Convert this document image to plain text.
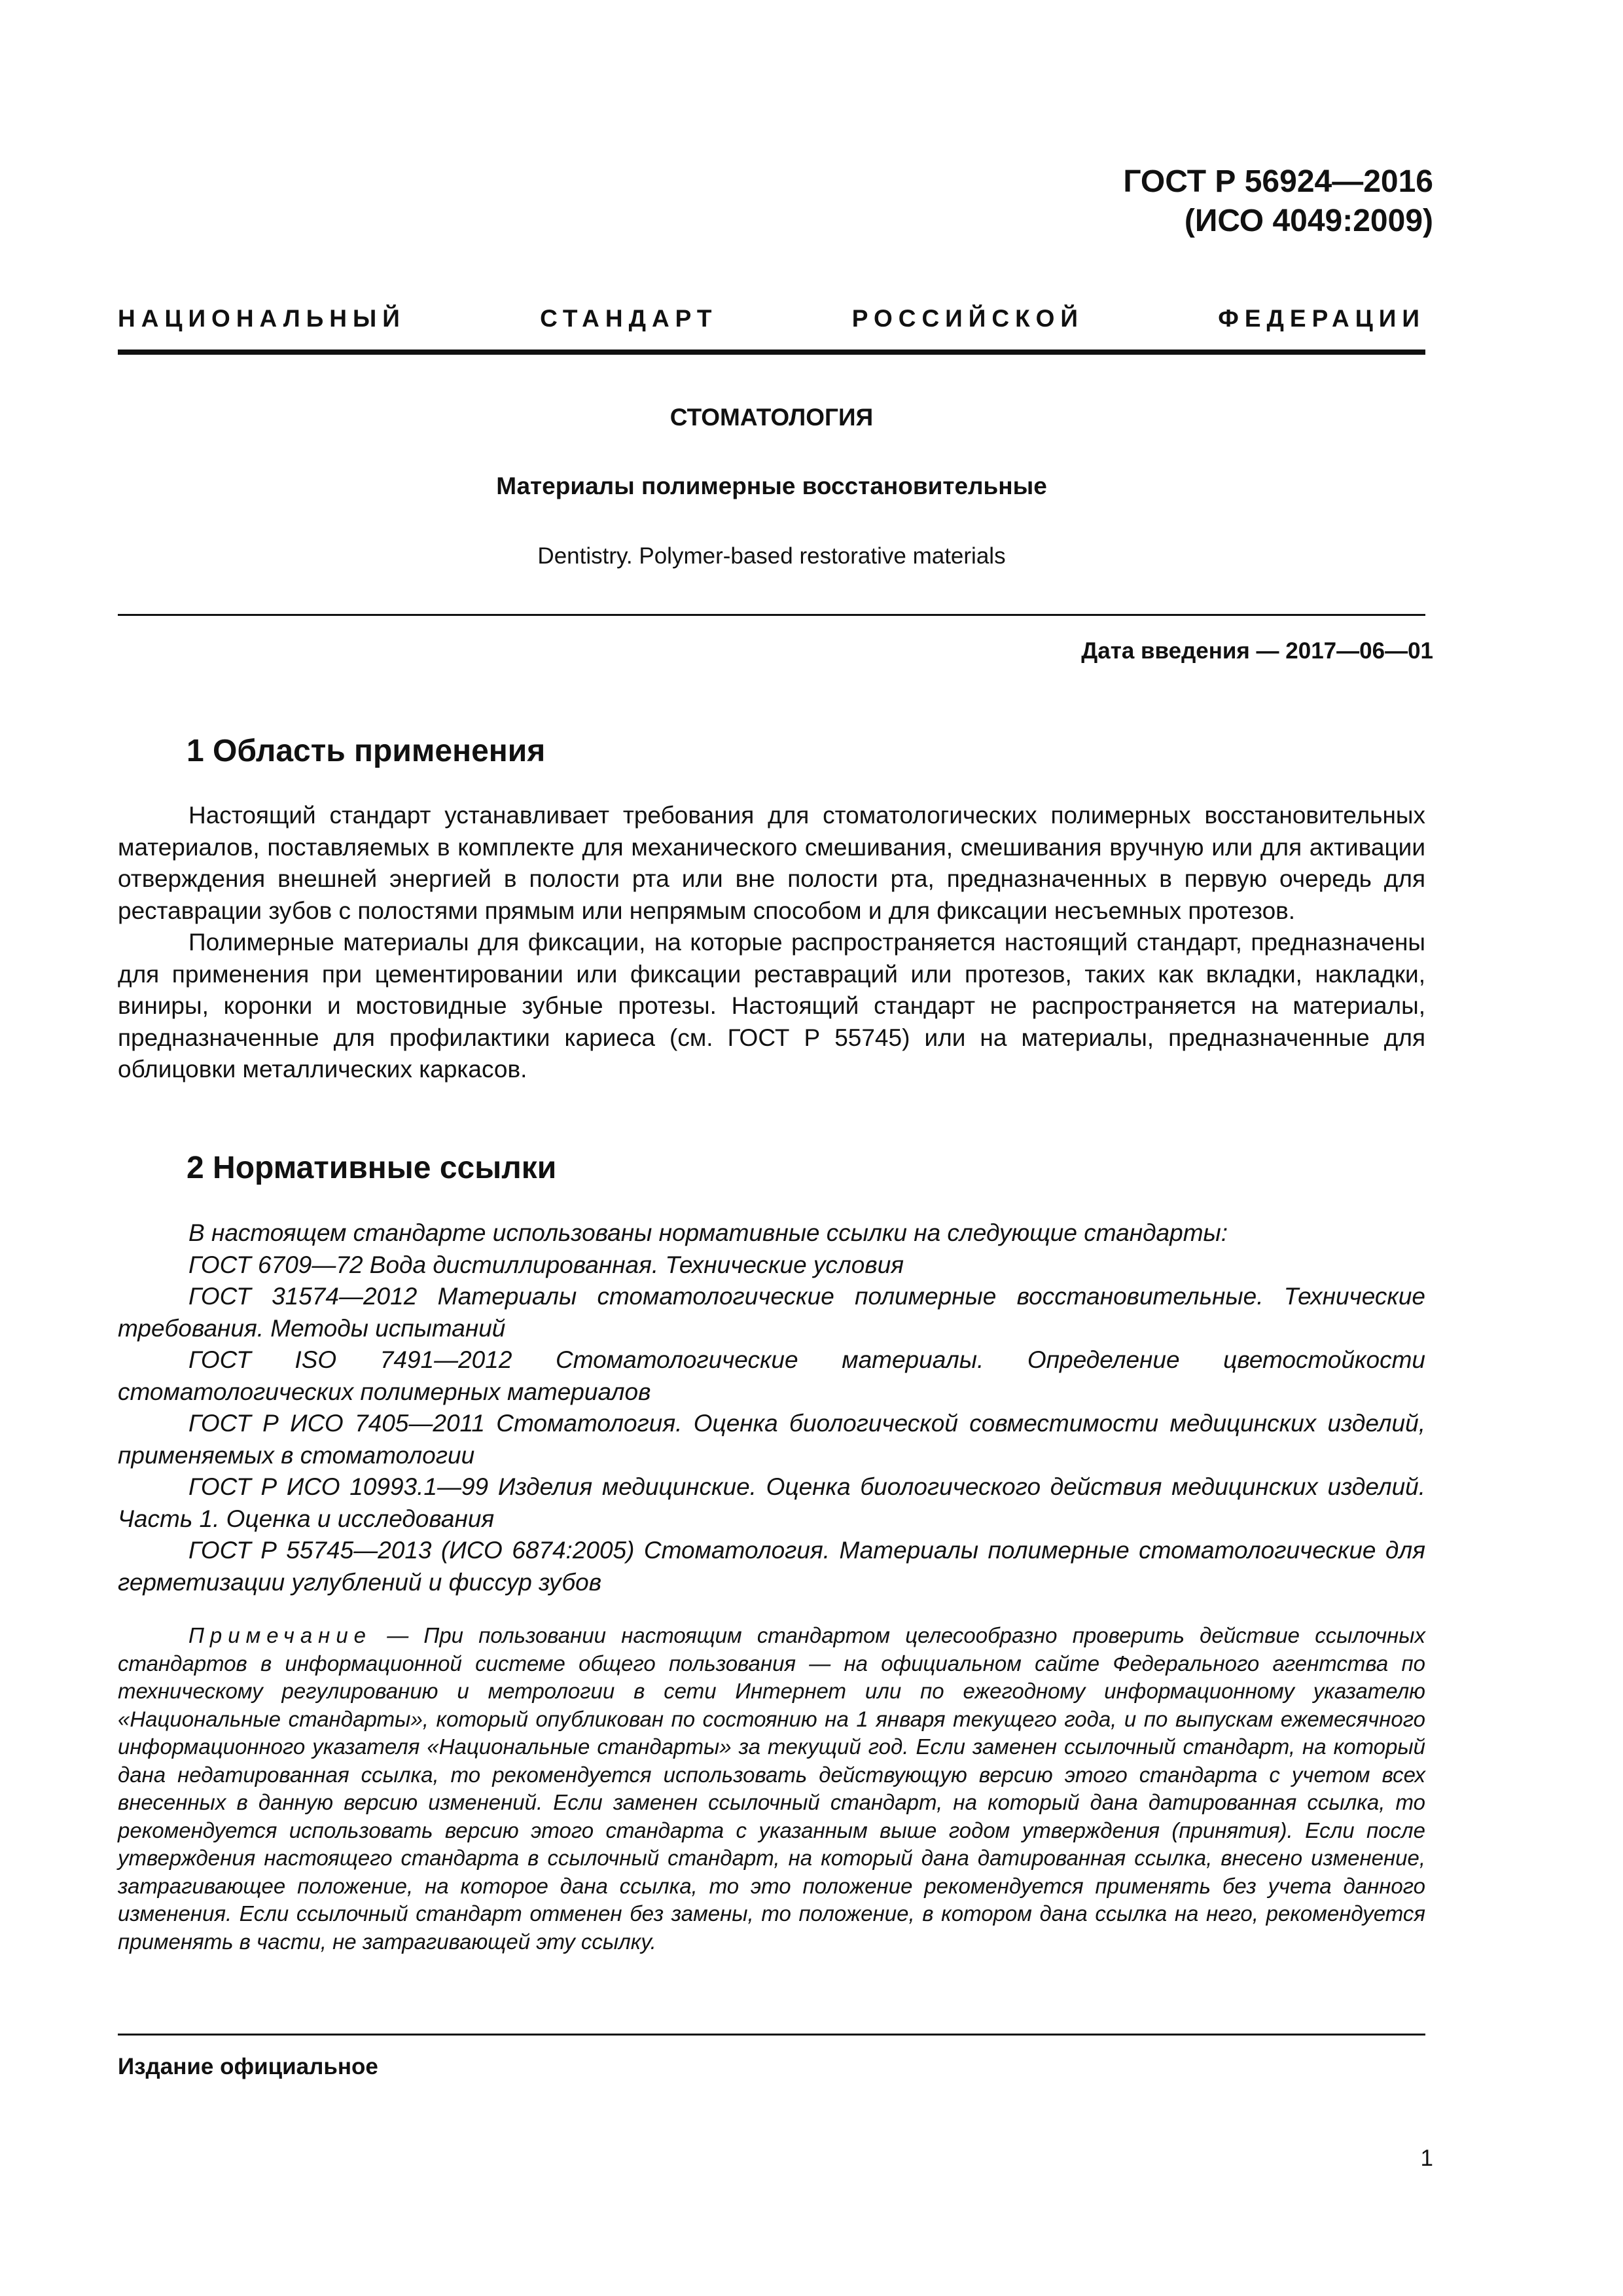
ГОСТ Р 56924—2016
(ИСО 4049:2009)
НАЦИОНАЛЬНЫЙ	СТАНДАРТ	РОССИЙСКОЙ	ФЕДЕРАЦИИ
СТОМАТОЛОГИЯ
Материалы полимерные восстановительные
Dentistry. Polymer-based restorative materials
Дата введения — 2017—06—01
1 Область применения

Настоящий стандарт устанавливает требования для стоматологических полимерных восстановительных материалов, поставляемых в комплекте для механического смешивания, смешивания вручную или для активации отверждения внешней энергией в полости рта или вне полости рта, предназначенных в первую очередь для реставрации зубов с полостями прямым или непрямым способом и для фиксации несъемных протезов.

Полимерные материалы для фиксации, на которые распространяется настоящий стандарт, предназначены для применения при цементировании или фиксации реставраций или протезов, таких как вкладки, накладки, виниры, коронки и мостовидные зубные протезы. Настоящий стандарт не распространяется на материалы, предназначенные для профилактики кариеса (см. ГОСТ Р 55745) или на материалы, предназначенные для облицовки металлических каркасов.

2 Нормативные ссылки

В настоящем стандарте использованы нормативные ссылки на следующие стандарты:

ГОСТ 6709—72 Вода дистиллированная. Технические условия

ГОСТ 31574—2012 Материалы стоматологические полимерные восстановительные. Технические требования. Методы испытаний

ГОСТ ISO 7491—2012 Стоматологические материалы. Определение цветостойкости стоматологических полимерных материалов

ГОСТ Р ИСО 7405—2011 Стоматология. Оценка биологической совместимости медицинских изделий, применяемых в стоматологии

ГОСТ Р ИСО 10993.1—99 Изделия медицинские. Оценка биологического действия медицинских изделий. Часть 1. Оценка и исследования

ГОСТ Р 55745—2013 (ИСО 6874:2005) Стоматология. Материалы полимерные стоматологические для герметизации углублений и фиссур зубов

Примечание — При пользовании настоящим стандартом целесообразно проверить действие ссылочных стандартов в информационной системе общего пользования — на официальном сайте Федерального агентства по техническому регулированию и метрологии в сети Интернет или по ежегодному информационному указателю «Национальные стандарты», который опубликован по состоянию на 1 января текущего года, и по выпускам ежемесячного информационного указателя «Национальные стандарты» за текущий год. Если заменен ссылочный стандарт, на который дана недатированная ссылка, то рекомендуется использовать действующую версию этого стандарта с учетом всех внесенных в данную версию изменений. Если заменен ссылочный стандарт, на который дана датированная ссылка, то рекомендуется использовать версию этого стандарта с указанным выше годом утверждения (принятия). Если после утверждения настоящего стандарта в ссылочный стандарт, на который дана датированная ссылка, внесено изменение, затрагивающее положение, на которое дана ссылка, то это положение рекомендуется применять без учета данного изменения. Если ссылочный стандарт отменен без замены, то положение, в котором дана ссылка на него, рекомендуется применять в части, не затрагивающей эту ссылку.

Издание официальное
1
